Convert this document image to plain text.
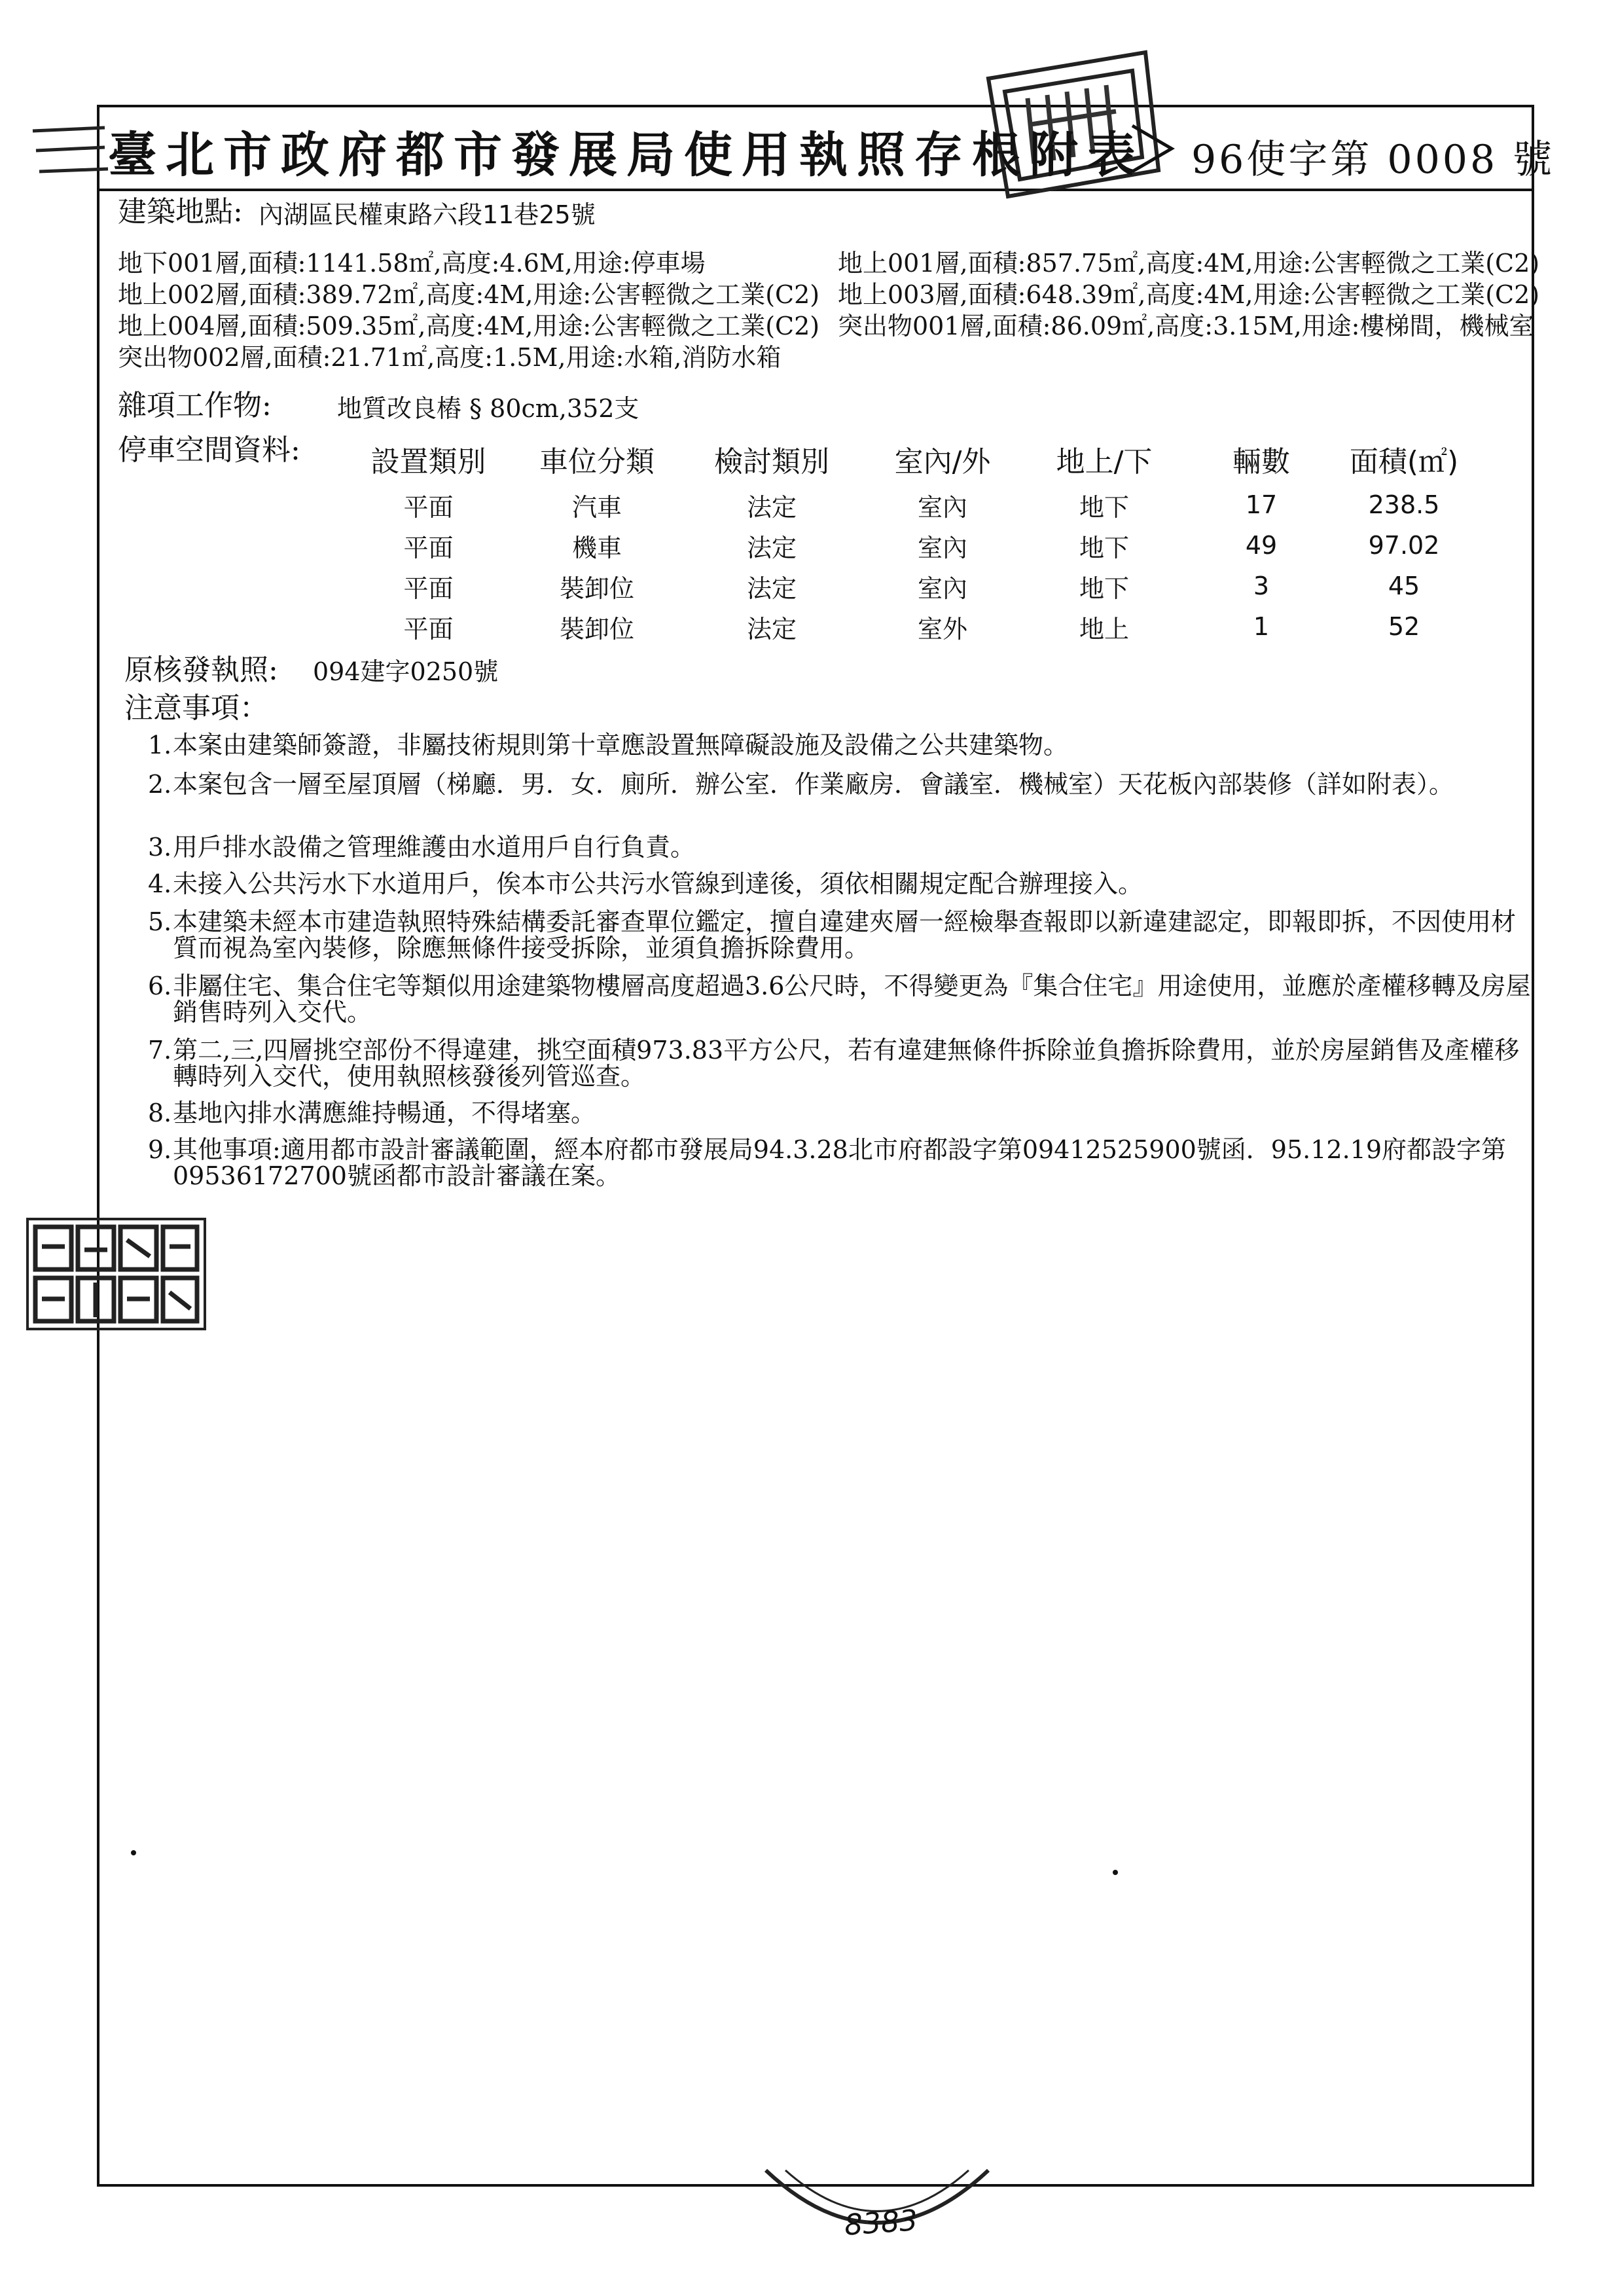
臺北市政府都市發展局使用執照存根附表 96使字第 0008 號
建築地點: 內湖區民權東路六段11巷25號
地下001層,面積:1141.58㎡,高度:4.6M,用途:停車場
地上002層,面積:389.72㎡,高度:4M,用途:公害輕微之工業(C2)
地上004層,面積:509.35㎡,高度:4M,用途:公害輕微之工業(C2)
突出物002層,面積:21.71㎡,高度:1.5M,用途:水箱,消防水箱
地上001層,面積:857.75㎡,高度:4M,用途:公害輕微之工業(C2)
地上003層,面積:648.39㎡,高度:4M,用途:公害輕微之工業(C2)
突出物001層,面積:86.09㎡,高度:3.15M,用途:樓梯間，機械室
雜項工作物:	地質改良樁 § 80cm,352支
停車空間資料: 設置類別	車位分類	檢討類別	室內/外	地上/下	輛數	面積(㎡)
平面	汽車	法定	室內	地下	17	238.5
平面	機車	法定	室內	地下	49	97.02
平面	裝卸位	法定	室內	地下	3	45
平面	裝卸位	法定	室外	地上	1	52
原核發執照: 094建字0250號
注意事項：
1. 本案由建築師簽證，非屬技術規則第十章應設置無障礙設施及設備之公共建築物。
2. 本案包含一層至屋頂層（梯廳．男．女．廁所．辦公室．作業廠房．會議室．機械室）天花板內部裝修（詳如附表）。
3. 用戶排水設備之管理維護由水道用戶自行負責。
4. 未接入公共污水下水道用戶，俟本市公共污水管線到達後，須依相關規定配合辦理接入。
5. 本建築未經本市建造執照特殊結構委託審查單位鑑定，擅自違建夾層一經檢舉查報即以新違建認定，即報即拆，不因使用材質而視為室內裝修，除應無條件接受拆除，並須負擔拆除費用。
6. 非屬住宅、集合住宅等類似用途建築物樓層高度超過3.6公尺時，不得變更為『集合住宅』用途使用，並應於產權移轉及房屋銷售時列入交代。
7. 第二,三,四層挑空部份不得違建，挑空面積973.83平方公尺，若有違建無條件拆除並負擔拆除費用，並於房屋銷售及產權移轉時列入交代，使用執照核發後列管巡查。
8. 基地內排水溝應維持暢通，不得堵塞。
9. 其他事項:適用都市設計審議範圍，經本府都市發展局94.3.28北市府都設字第09412525900號函．95.12.19府都設字第09536172700號函都市設計審議在案。
8383
